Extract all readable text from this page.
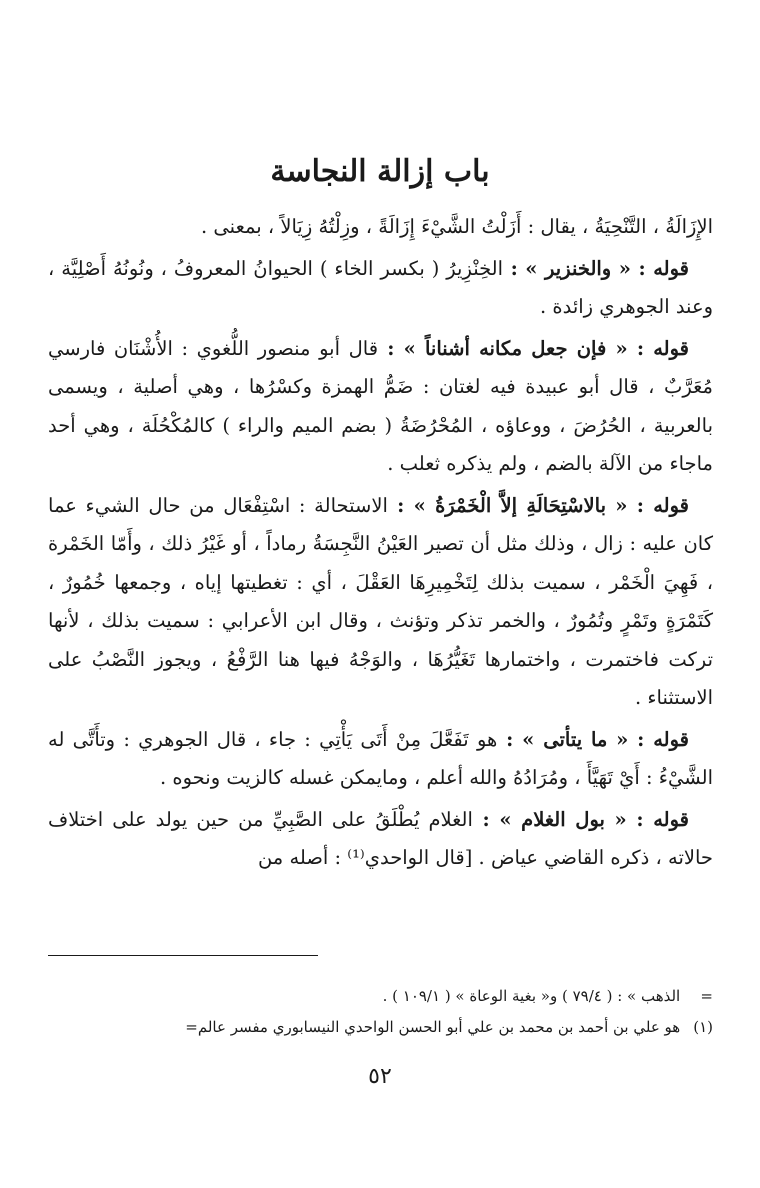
باب إزالة النجاسة

الإِزَالَةُ ، التَّنْحِيَةُ ، يقال : أَزَلْتُ الشَّيْءَ إِزَالَةً ، وزِلْتُهُ زِيَالاً ، بمعنى .

قوله : « والخنزير » : الخِنْزِيرُ ( بكسر الخاء ) الحيوانُ المعروفُ ، ونُونُهُ أَصْلِيَّة ، وعند الجوهري زائدة .

قوله : « فإن جعل مكانه أشناناً » : قال أبو منصور اللُّغوي : الأُشْنَان فارسي مُعَرَّبٌ ، قال أبو عبيدة فيه لغتان : ضَمُّ الهمزة وكسْرُها ، وهي أصلية ، ويسمى بالعربية ، الحُرُضَ ، ووعاؤه ، المُحْرُضَةُ ( بضم الميم والراء ) كالمُكْحُلَة ، وهي أحد ماجاء من الآلة بالضم ، ولم يذكره ثعلب .

قوله : « بالاسْتِحَالَةِ إلاَّ الْخَمْرَةُ » : الاستحالة : اسْتِفْعَال من حال الشيء عما كان عليه : زال ، وذلك مثل أن تصير العَيْنُ النَّجِسَةُ رماداً ، أو غَيْرُ ذلك ، وأَمّا الخَمْرة ، فَهِيَ الْخَمْر ، سميت بذلك لِتَخْمِيرِهَا العَقْلَ ، أي : تغطيتها إياه ، وجمعها خُمُورٌ ، كَتَمْرَةٍ وتَمْرٍ وتُمُورٌ ، والخمر تذكر وتؤنث ، وقال ابن الأعرابي : سميت بذلك ، لأنها تركت فاختمرت ، واختمارها تَغَيُّرُهَا ، والوَجْهُ فيها هنا الرَّفْعُ ، ويجوز النَّصْبُ على الاستثناء .

قوله : « ما يتأتى » : هو تَفَعَّلَ مِنْ أَتَى يَأْتِي : جاء ، قال الجوهري : وتأَتَّى له الشَّيْءُ : أَيْ تَهَيَّأَ ، ومُرَادُهُ والله أعلم ، ومايمكن غسله كالزيت ونحوه .

قوله : « بول الغلام » : الغلام يُطْلَقُ على الصَّبِيِّ من حين يولد على اختلاف حالاته ، ذكره القاضي عياض . [قال الواحدي⁽¹⁾ : أصله من

= الذهب » : ( ٧٩/٤ ) و« بغية الوعاة » ( ١٠٩/١ ) .
(١) هو علي بن أحمد بن محمد بن علي أبو الحسن الواحدي النيسابوري مفسر عالم=
٥٢
